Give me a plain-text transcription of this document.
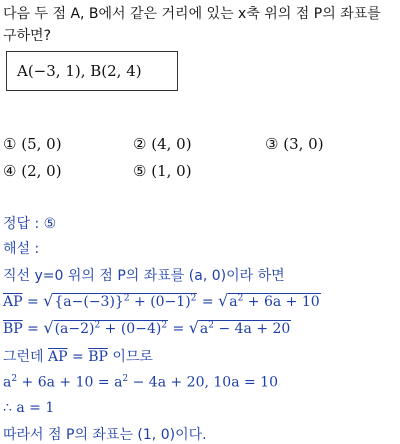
다음 두 점 A, B에서 같은 거리에 있는 x축 위의 점 P의 좌표를
구하면?
A(−3, 1), B(2, 4)
① (5, 0)	② (4, 0)	③ (3, 0)
④ (2, 0)	⑤ (1, 0)
정답 : ⑤
해설 :
직선 y=0 위의 점 P의 좌표를 (a, 0)이라 하면
$\overline{AP} = √\{a-(-3)\}^2 + (0-1)^2 = √a^2 + 6a + 10$
$\overline{BP} = √(a-2)^2 + (0-4)^2 = √a^2 - 4a + 20$
그런데 $\overline{AP} = \overline{BP}$ 이므로
$a^2 + 6a + 10 = a^2 - 4a + 20$, 10a = 10
∴ a = 1
따라서 점 P의 좌표는 (1, 0)이다.
